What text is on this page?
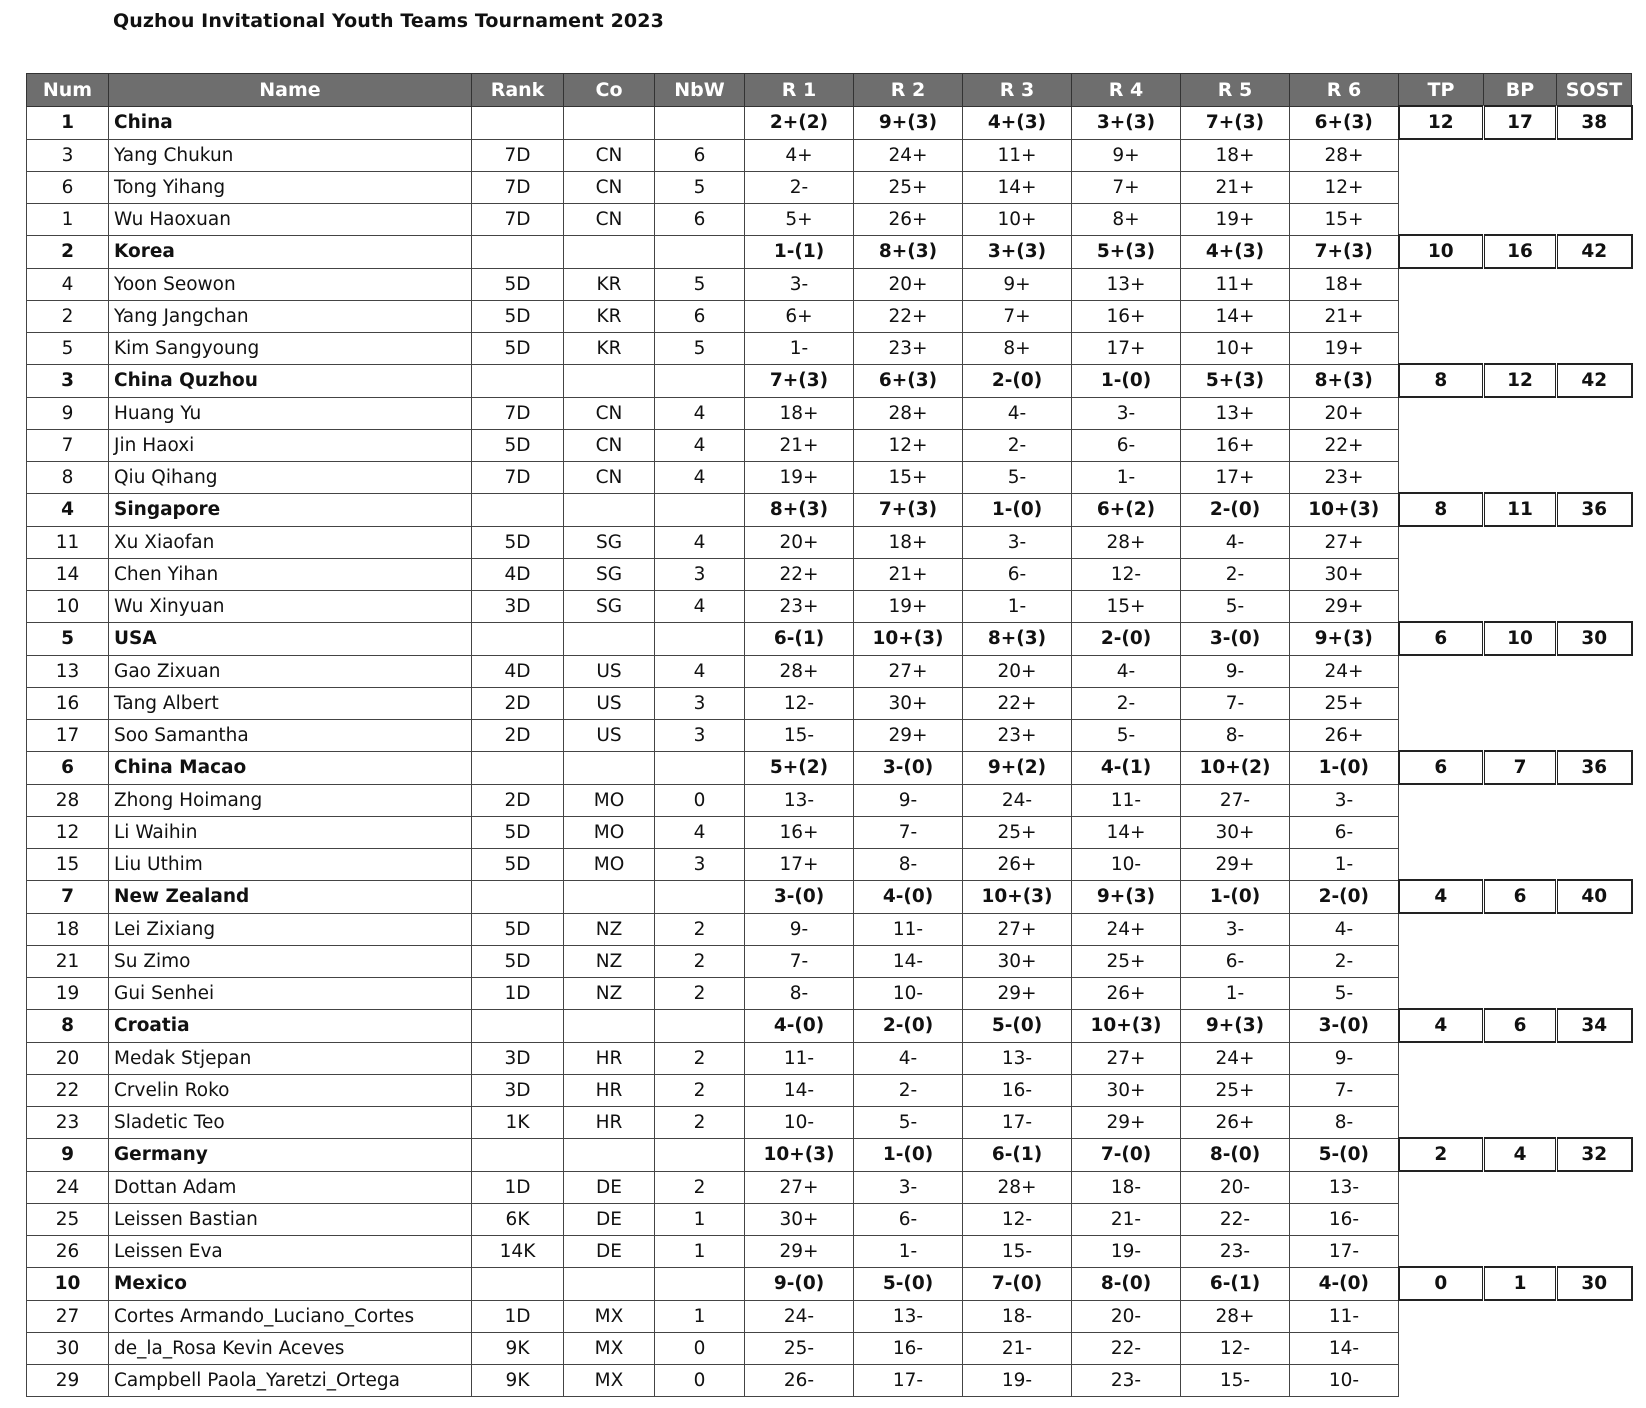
Quzhou Invitational Youth Teams Tournament 2023
Num	Name	Rank	Co	NbW	R 1	R 2	R 3	R 4	R 5	R 6	TP	BP	SOST
1	China				2+(2)	9+(3)	4+(3)	3+(3)	7+(3)	6+(3)	12	17	38
3	Yang Chukun	7D	CN	6	4+	24+	11+	9+	18+	28+			
6	Tong Yihang	7D	CN	5	2-	25+	14+	7+	21+	12+			
1	Wu Haoxuan	7D	CN	6	5+	26+	10+	8+	19+	15+			
2	Korea				1-(1)	8+(3)	3+(3)	5+(3)	4+(3)	7+(3)	10	16	42
4	Yoon Seowon	5D	KR	5	3-	20+	9+	13+	11+	18+			
2	Yang Jangchan	5D	KR	6	6+	22+	7+	16+	14+	21+			
5	Kim Sangyoung	5D	KR	5	1-	23+	8+	17+	10+	19+			
3	China Quzhou				7+(3)	6+(3)	2-(0)	1-(0)	5+(3)	8+(3)	8	12	42
9	Huang Yu	7D	CN	4	18+	28+	4-	3-	13+	20+			
7	Jin Haoxi	5D	CN	4	21+	12+	2-	6-	16+	22+			
8	Qiu Qihang	7D	CN	4	19+	15+	5-	1-	17+	23+			
4	Singapore				8+(3)	7+(3)	1-(0)	6+(2)	2-(0)	10+(3)	8	11	36
11	Xu Xiaofan	5D	SG	4	20+	18+	3-	28+	4-	27+			
14	Chen Yihan	4D	SG	3	22+	21+	6-	12-	2-	30+			
10	Wu Xinyuan	3D	SG	4	23+	19+	1-	15+	5-	29+			
5	USA				6-(1)	10+(3)	8+(3)	2-(0)	3-(0)	9+(3)	6	10	30
13	Gao Zixuan	4D	US	4	28+	27+	20+	4-	9-	24+			
16	Tang Albert	2D	US	3	12-	30+	22+	2-	7-	25+			
17	Soo Samantha	2D	US	3	15-	29+	23+	5-	8-	26+			
6	China Macao				5+(2)	3-(0)	9+(2)	4-(1)	10+(2)	1-(0)	6	7	36
28	Zhong Hoimang	2D	MO	0	13-	9-	24-	11-	27-	3-			
12	Li Waihin	5D	MO	4	16+	7-	25+	14+	30+	6-			
15	Liu Uthim	5D	MO	3	17+	8-	26+	10-	29+	1-			
7	New Zealand				3-(0)	4-(0)	10+(3)	9+(3)	1-(0)	2-(0)	4	6	40
18	Lei Zixiang	5D	NZ	2	9-	11-	27+	24+	3-	4-			
21	Su Zimo	5D	NZ	2	7-	14-	30+	25+	6-	2-			
19	Gui Senhei	1D	NZ	2	8-	10-	29+	26+	1-	5-			
8	Croatia				4-(0)	2-(0)	5-(0)	10+(3)	9+(3)	3-(0)	4	6	34
20	Medak Stjepan	3D	HR	2	11-	4-	13-	27+	24+	9-			
22	Crvelin Roko	3D	HR	2	14-	2-	16-	30+	25+	7-			
23	Sladetic Teo	1K	HR	2	10-	5-	17-	29+	26+	8-			
9	Germany				10+(3)	1-(0)	6-(1)	7-(0)	8-(0)	5-(0)	2	4	32
24	Dottan Adam	1D	DE	2	27+	3-	28+	18-	20-	13-			
25	Leissen Bastian	6K	DE	1	30+	6-	12-	21-	22-	16-			
26	Leissen Eva	14K	DE	1	29+	1-	15-	19-	23-	17-			
10	Mexico				9-(0)	5-(0)	7-(0)	8-(0)	6-(1)	4-(0)	0	1	30
27	Cortes Armando_Luciano_Cortes	1D	MX	1	24-	13-	18-	20-	28+	11-			
30	de_la_Rosa Kevin Aceves	9K	MX	0	25-	16-	21-	22-	12-	14-			
29	Campbell Paola_Yaretzi_Ortega	9K	MX	0	26-	17-	19-	23-	15-	10-			
